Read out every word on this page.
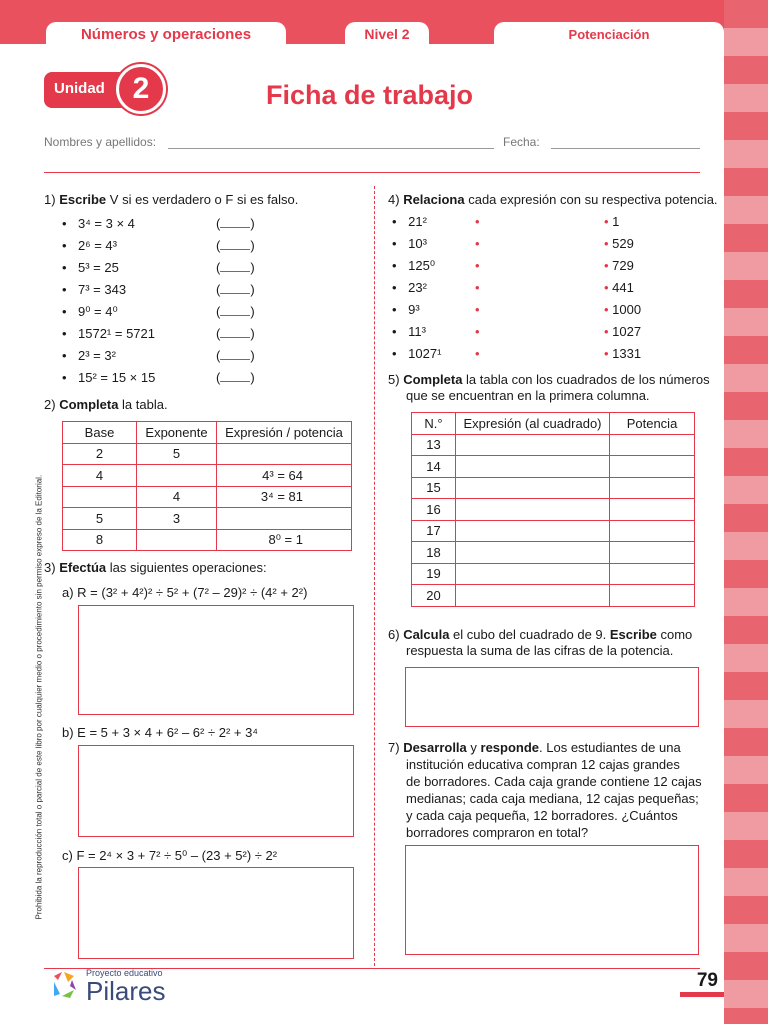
Números y operaciones	Nivel 2	Potenciación
Unidad 2	Ficha de trabajo
Nombres y apellidos:	Fecha:
1) Escribe V si es verdadero o F si es falso.
• 3⁴ = 3 × 4	( )
• 2⁶ = 4³	( )
• 5³ = 25	( )
• 7³ = 343	( )
• 9⁰ = 4⁰	( )
• 1572¹ = 5721	( )
• 2³ = 3²	( )
• 15² = 15 × 15	( )
2) Completa la tabla.
Base	Exponente	Expresión / potencia
2	5	
4		4³ = 64
	4	3⁴ = 81
5	3	
8		8⁰ = 1
3) Efectúa las siguientes operaciones:
a) R = (3² + 4²)² ÷ 5² + (7² – 29)² ÷ (4² + 2²)
b) E = 5 + 3 × 4 + 6² – 6² ÷ 2² + 3⁴
c) F = 2⁴ × 3 + 7² ÷ 5⁰ – (23 + 5²) ÷ 2²
4) Relaciona cada expresión con su respectiva potencia.
• 21²	•	• 1
• 10³	•	• 529
• 125⁰	•	• 729
• 23²	•	• 441
• 9³	•	• 1000
• 11³	•	• 1027
• 1027¹	•	• 1331
5) Completa la tabla con los cuadrados de los números
que se encuentran en la primera columna.
N.°	Expresión (al cuadrado)	Potencia
13		
14		
15		
16		
17		
18		
19		
20		
6) Calcula el cubo del cuadrado de 9. Escribe como
respuesta la suma de las cifras de la potencia.
7) Desarrolla y responde. Los estudiantes de una
institución educativa compran 12 cajas grandes
de borradores. Cada caja grande contiene 12 cajas
medianas; cada caja mediana, 12 cajas pequeñas;
y cada caja pequeña, 12 borradores. ¿Cuántos
borradores compraron en total?
Prohibida la reproducción total o parcial de este libro por cualquier medio o procedimiento sin permiso expreso de la Editorial.
Proyecto educativo
Pilares	79
